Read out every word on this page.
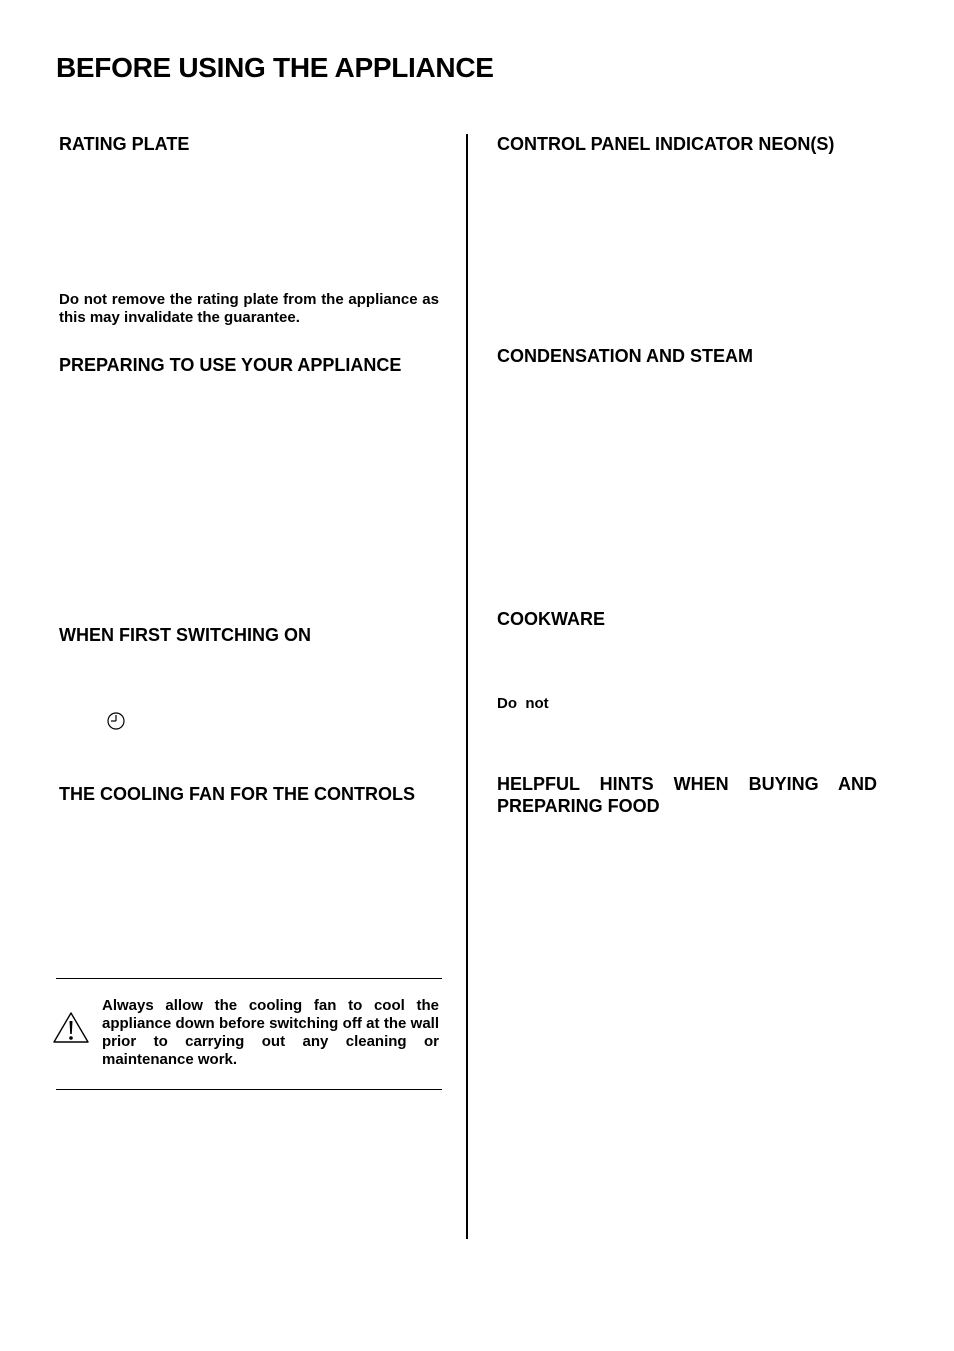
BEFORE USING THE APPLIANCE
RATING PLATE
Do not remove the rating plate from the appliance as this may invalidate the guarantee.
PREPARING TO USE YOUR APPLIANCE
WHEN FIRST SWITCHING ON
THE COOLING FAN FOR THE CONTROLS
Always allow the cooling fan to cool the appliance down before switching off at the wall prior to carrying out any cleaning or maintenance work.
CONTROL PANEL INDICATOR NEON(S)
CONDENSATION AND STEAM
COOKWARE
Do  not
HELPFUL HINTS WHEN BUYING AND
PREPARING FOOD
